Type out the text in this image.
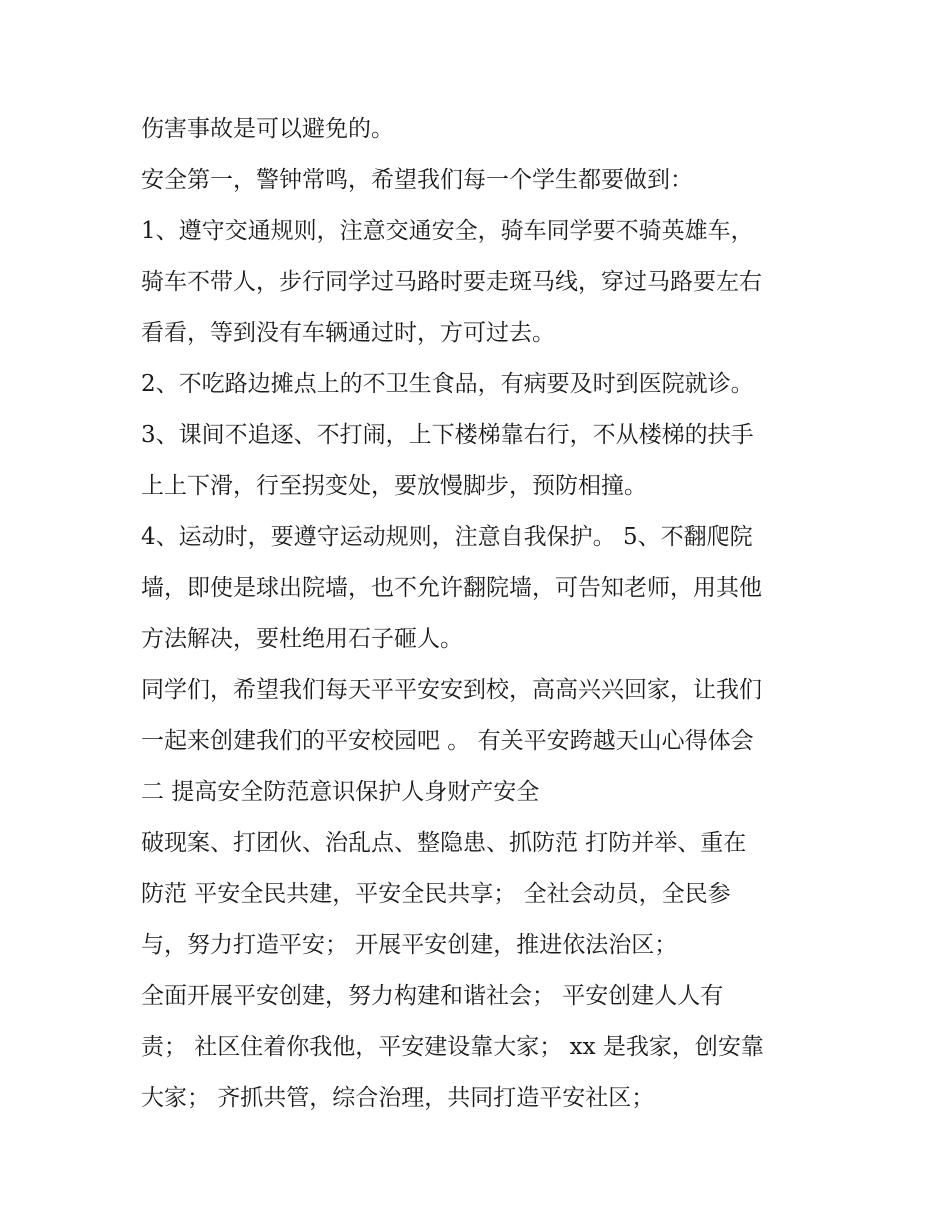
伤害事故是可以避免的。
安全第一，警钟常鸣，希望我们每一个学生都要做到：
1、遵守交通规则，注意交通安全，骑车同学要不骑英雄车，
骑车不带人，步行同学过马路时要走斑马线，穿过马路要左右
看看，等到没有车辆通过时，方可过去。
2、不吃路边摊点上的不卫生食品，有病要及时到医院就诊。
3、课间不追逐、不打闹，上下楼梯靠右行，不从楼梯的扶手
上上下滑，行至拐变处，要放慢脚步，预防相撞。
4、运动时，要遵守运动规则，注意自我保护。 5、不翻爬院
墙，即使是球出院墙，也不允许翻院墙，可告知老师，用其他
方法解决，要杜绝用石子砸人。
同学们，希望我们每天平平安安到校，高高兴兴回家，让我们
一起来创建我们的平安校园吧 。 有关平安跨越天山心得体会
二 提高安全防范意识保护人身财产安全
破现案、打团伙、治乱点、整隐患、抓防范 打防并举、重在
防范 平安全民共建，平安全民共享； 全社会动员，全民参
与，努力打造平安； 开展平安创建，推进依法治区；
全面开展平安创建，努力构建和谐社会； 平安创建人人有
责； 社区住着你我他，平安建设靠大家； xx 是我家，创安靠
大家； 齐抓共管，综合治理，共同打造平安社区；
